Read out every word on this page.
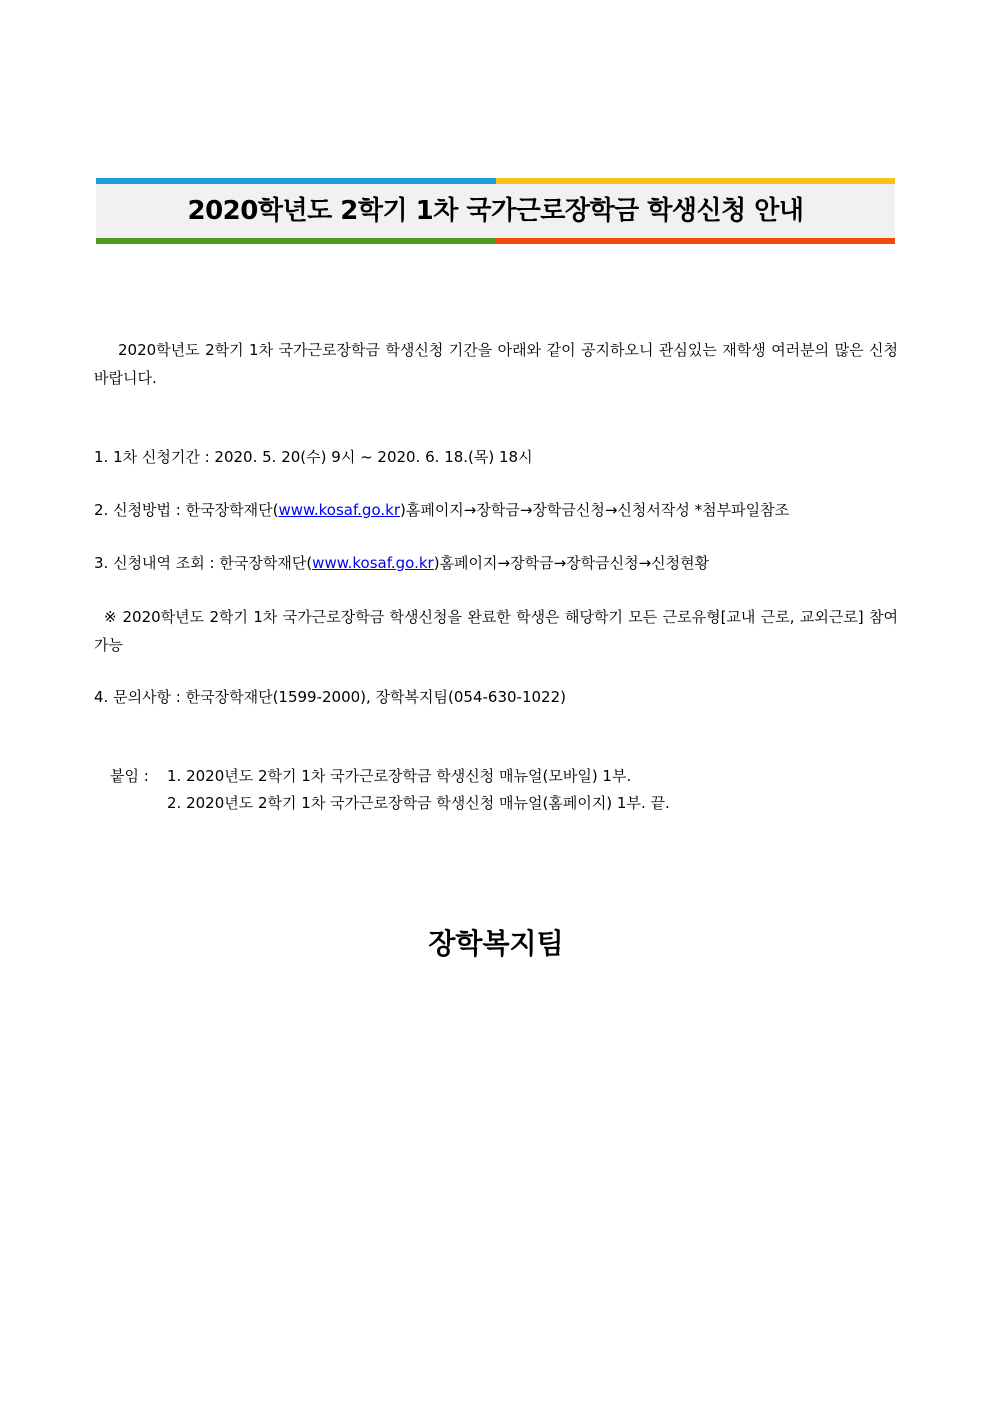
2020학년도 2학기 1차 국가근로장학금 학생신청 안내
2020학년도 2학기 1차 국가근로장학금 학생신청 기간을 아래와 같이 공지하오니 관심있는 재학생 여러분의 많은 신청 바랍니다.
1. 1차 신청기간 : 2020. 5. 20(수) 9시 ~ 2020. 6. 18.(목) 18시
2. 신청방법 : 한국장학재단(www.kosaf.go.kr)홈페이지→장학금→장학금신청→신청서작성 *첨부파일참조
3. 신청내역 조회 : 한국장학재단(www.kosaf.go.kr)홈페이지→장학금→장학금신청→신청현황
※ 2020학년도 2학기 1차 국가근로장학금 학생신청을 완료한 학생은 해당학기 모든 근로유형[교내 근로, 교외근로] 참여 가능
4. 문의사항 : 한국장학재단(1599-2000), 장학복지팀(054-630-1022)
붙임 : 1. 2020년도 2학기 1차 국가근로장학금 학생신청 매뉴얼(모바일) 1부.
2. 2020년도 2학기 1차 국가근로장학금 학생신청 매뉴얼(홈페이지) 1부. 끝.
장학복지팀
